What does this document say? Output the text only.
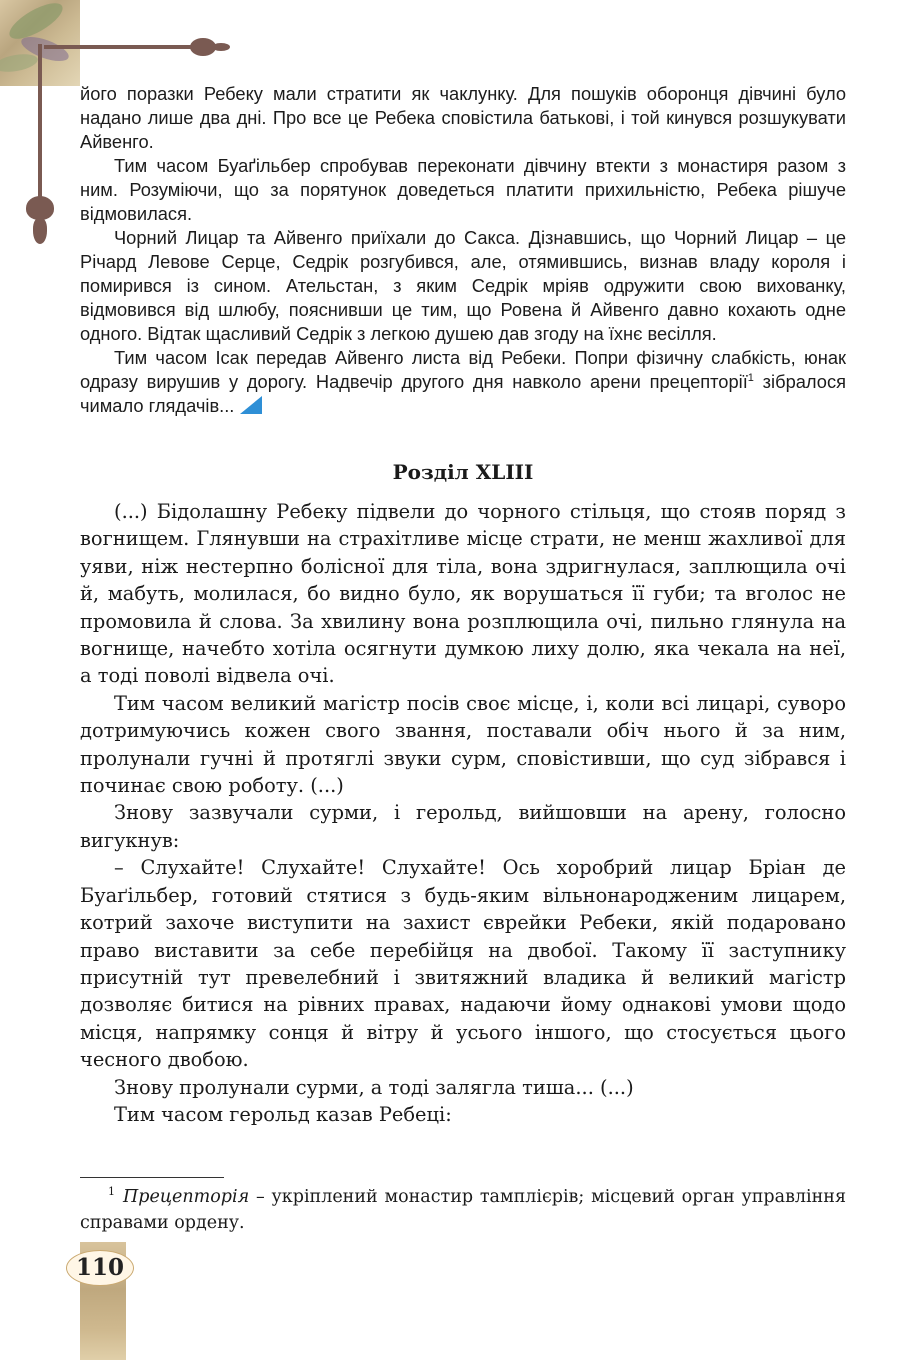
його поразки Ребеку мали стратити як чаклунку. Для пошуків оборонця дівчині було надано лише два дні. Про все це Ребека сповістила батькові, і той кинувся розшукувати Айвенго.

Тим часом Буаґільбер спробував переконати дівчину втекти з монастиря разом з ним. Розуміючи, що за порятунок доведеться платити прихильністю, Ребека рішуче відмовилася.

Чорний Лицар та Айвенго приїхали до Сакса. Дізнавшись, що Чорний Лицар – це Річард Левове Серце, Седрік розгубився, але, отямившись, визнав владу короля і помирився із сином. Ательстан, з яким Седрік мріяв одружити свою вихованку, відмовився від шлюбу, пояснивши це тим, що Ровена й Айвенго давно кохають одне одного. Відтак щасливий Седрік з легкою душею дав згоду на їхнє весілля.

Тим часом Ісак передав Айвенго листа від Ребеки. Попри фізичну слабкість, юнак одразу вирушив у дорогу. Надвечір другого дня навколо арени прецепторії$^1$ зібралося чимало глядачів...

Розділ XLIII

(...) Бідолашну Ребеку підвели до чорного стільця, що стояв поряд з вогнищем. Глянувши на страхітливе місце страти, не менш жахливої для уяви, ніж нестерпно болісної для тіла, вона здригнулася, заплющила очі й, мабуть, молилася, бо видно було, як ворушаться її губи; та вголос не промовила й слова. За хвилину вона розплющила очі, пильно глянула на вогнище, начебто хотіла осягнути думкою лиху долю, яка чекала на неї, а тоді поволі відвела очі.

Тим часом великий магістр посів своє місце, і, коли всі лицарі, суворо дотримуючись кожен свого звання, поставали обіч нього й за ним, пролунали гучні й протяглі звуки сурм, сповістивши, що суд зібрався і починає свою роботу. (...)

Знову зазвучали сурми, і герольд, вийшовши на арену, голосно вигукнув:

– Слухайте! Слухайте! Слухайте! Ось хоробрий лицар Бріан де Буаґільбер, готовий стятися з будь-яким вільнонародженим лицарем, котрий захоче виступити на захист єврейки Ребеки, якій подаровано право виставити за себе перебійця на двобої. Такому її заступнику присутній тут превелебний і звитяжний владика й великий магістр дозволяє битися на рівних правах, надаючи йому однакові умови щодо місця, напрямку сонця й вітру й усього іншого, що стосується цього чесного двобою.

Знову пролунали сурми, а тоді залягла тиша... (...)

Тим часом герольд казав Ребеці:

$^1$ Прецепторія – укріплений монастир тамплієрів; місцевий орган управління справами ордену.

110
